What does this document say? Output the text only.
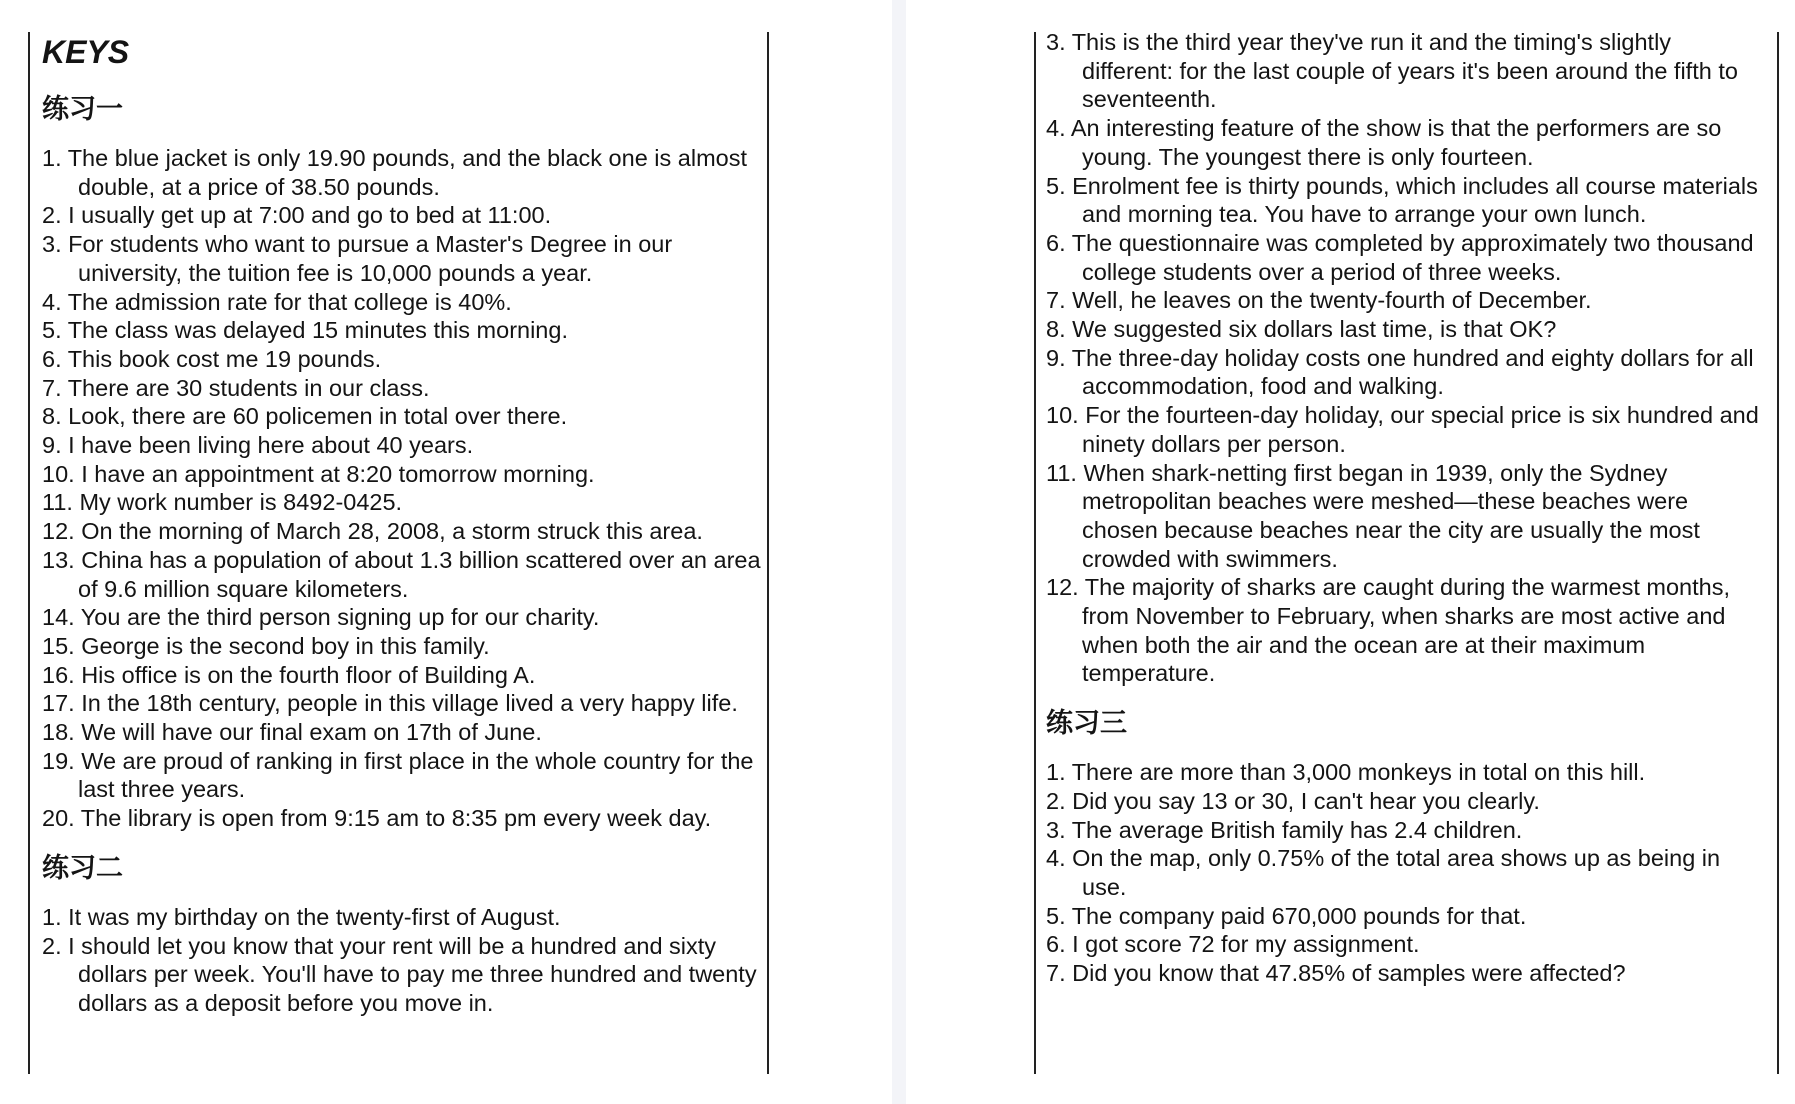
KEYS
练习一
1. The blue jacket is only 19.90 pounds, and the black one is almost double, at a price of 38.50 pounds.
2. I usually get up at 7:00 and go to bed at 11:00.
3. For students who want to pursue a Master's Degree in our university, the tuition fee is 10,000 pounds a year.
4. The admission rate for that college is 40%.
5. The class was delayed 15 minutes this morning.
6. This book cost me 19 pounds.
7. There are 30 students in our class.
8. Look, there are 60 policemen in total over there.
9. I have been living here about 40 years.
10. I have an appointment at 8:20 tomorrow morning.
11. My work number is 8492-0425.
12. On the morning of March 28, 2008, a storm struck this area.
13. China has a population of about 1.3 billion scattered over an area of 9.6 million square kilometers.
14. You are the third person signing up for our charity.
15. George is the second boy in this family.
16. His office is on the fourth floor of Building A.
17. In the 18th century, people in this village lived a very happy life.
18. We will have our final exam on 17th of June.
19. We are proud of ranking in first place in the whole country for the last three years.
20. The library is open from 9:15 am to 8:35 pm every week day.
练习二
1. It was my birthday on the twenty-first of August.
2. I should let you know that your rent will be a hundred and sixty dollars per week. You'll have to pay me three hundred and twenty dollars as a deposit before you move in.
3. This is the third year they've run it and the timing's slightly different: for the last couple of years it's been around the fifth to seventeenth.
4. An interesting feature of the show is that the performers are so young. The youngest there is only fourteen.
5. Enrolment fee is thirty pounds, which includes all course materials and morning tea. You have to arrange your own lunch.
6. The questionnaire was completed by approximately two thousand college students over a period of three weeks.
7. Well, he leaves on the twenty-fourth of December.
8. We suggested six dollars last time, is that OK?
9. The three-day holiday costs one hundred and eighty dollars for all accommodation, food and walking.
10. For the fourteen-day holiday, our special price is six hundred and ninety dollars per person.
11. When shark-netting first began in 1939, only the Sydney metropolitan beaches were meshed—these beaches were chosen because beaches near the city are usually the most crowded with swimmers.
12. The majority of sharks are caught during the warmest months, from November to February, when sharks are most active and when both the air and the ocean are at their maximum temperature.
练习三
1. There are more than 3,000 monkeys in total on this hill.
2. Did you say 13 or 30, I can't hear you clearly.
3. The average British family has 2.4 children.
4. On the map, only 0.75% of the total area shows up as being in use.
5. The company paid 670,000 pounds for that.
6. I got score 72 for my assignment.
7. Did you know that 47.85% of samples were affected?
